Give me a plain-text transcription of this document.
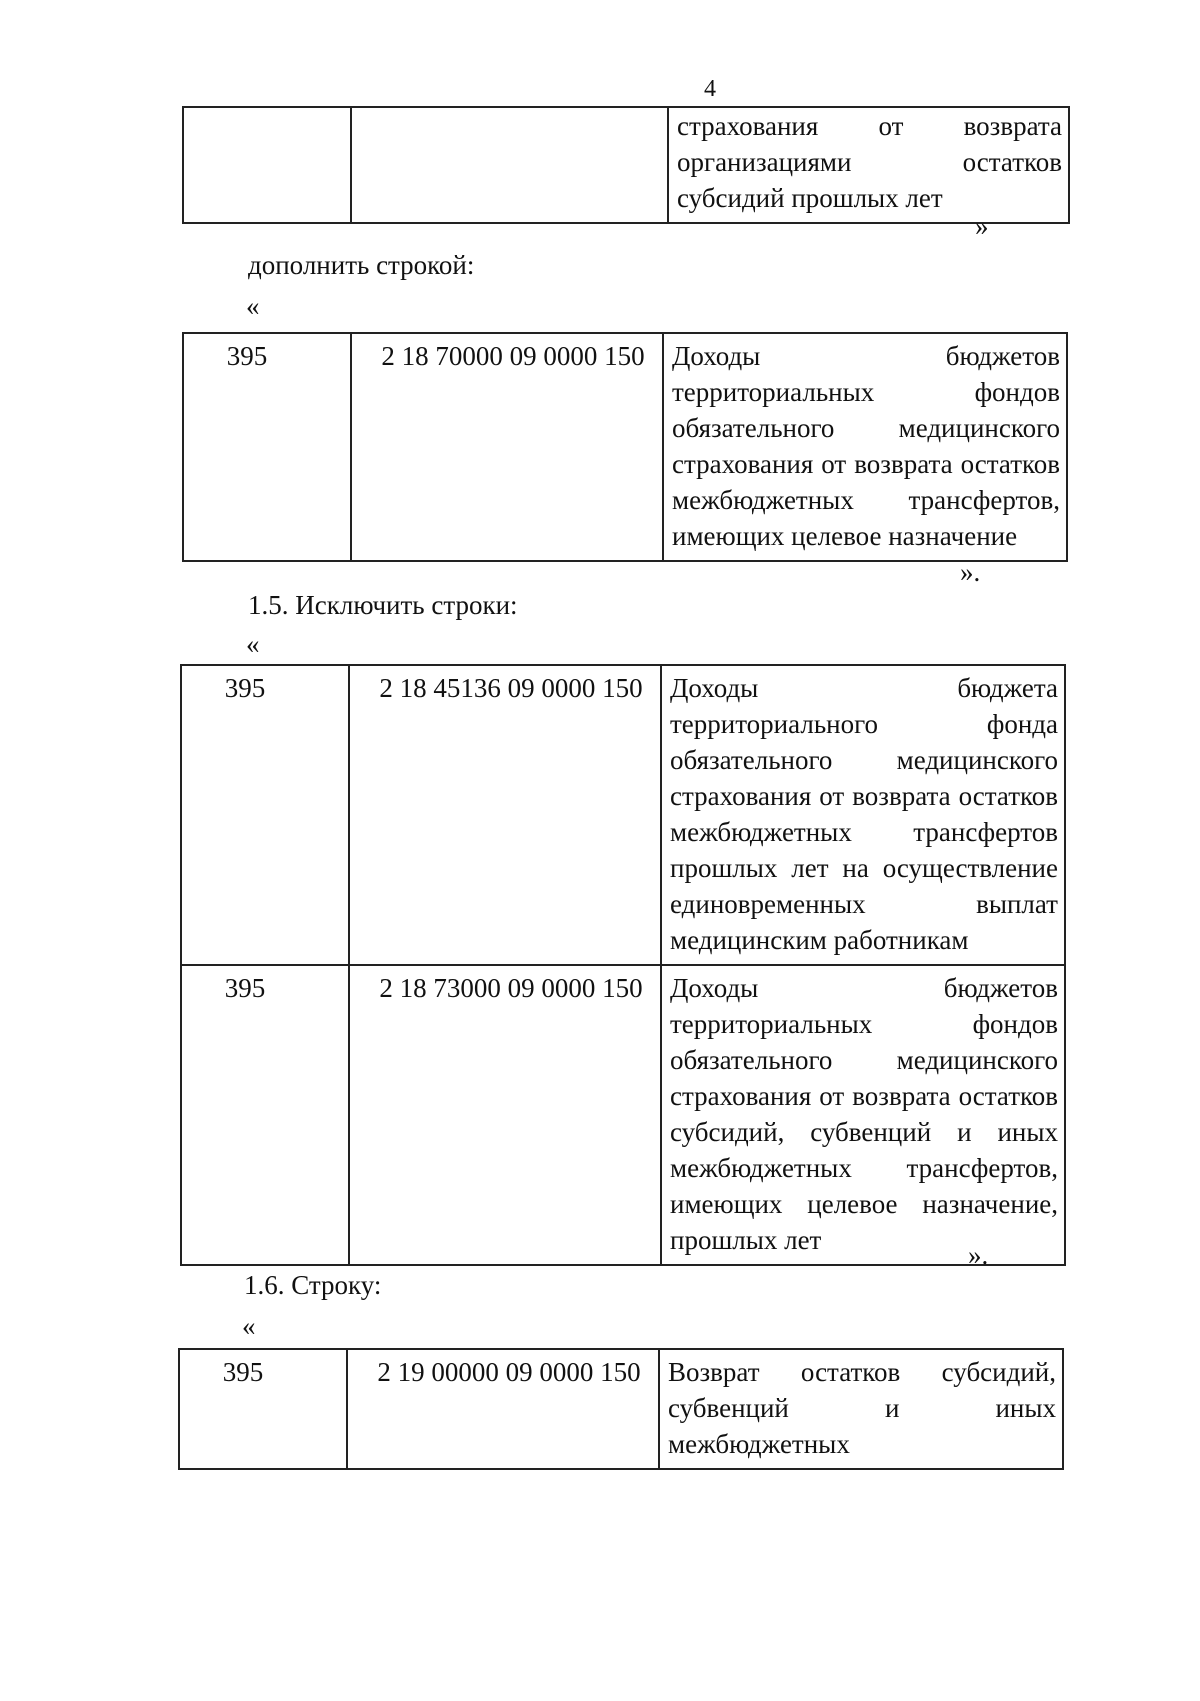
4
		страхования от возврата организациями остатков субсидий прошлых лет
»
дополнить строкой:
«
395	2 18 70000 09 0000 150	Доходы бюджетов территориальных фондов обязательного медицинского страхования от возврата остатков межбюджетных трансфертов, имеющих целевое назначение
».
1.5. Исключить строки:
«
395	2 18 45136 09 0000 150	Доходы бюджета территориального фонда обязательного медицинского страхования от возврата остатков межбюджетных трансфертов прошлых лет на осуществление единовременных выплат медицинским работникам
395	2 18 73000 09 0000 150	Доходы бюджетов территориальных фондов обязательного медицинского страхования от возврата остатков субсидий, субвенций и иных межбюджетных трансфертов, имеющих целевое назначение, прошлых лет	».
1.6. Строку:
«
395	2 19 00000 09 0000 150	Возврат остатков субсидий, субвенций и иных межбюджетных
